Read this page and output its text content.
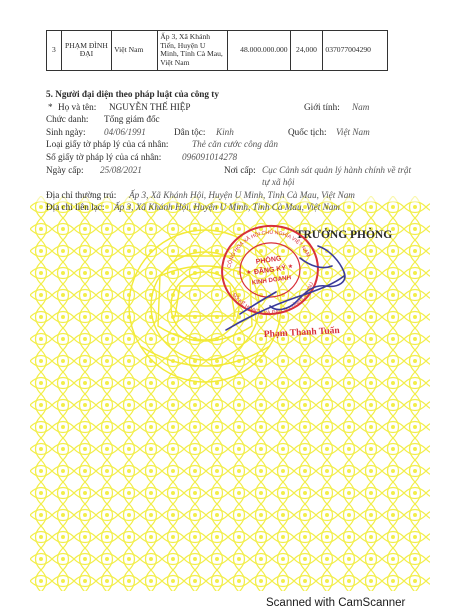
3	PHẠM ĐÌNH ĐẠI	Việt Nam	Ấp 3, Xã Khánh Tiến, Huyện U Minh, Tỉnh Cà Mau, Việt Nam	48.000.000.000	24,000	037077004290
5. Người đại diện theo pháp luật của công ty
* Họ và tên: NGUYỄN THẾ HIỆP	Giới tính: Nam
Chức danh: Tổng giám đốc
Sinh ngày: 04/06/1991	Dân tộc: Kinh	Quốc tịch: Việt Nam
Loại giấy tờ pháp lý của cá nhân:	Thẻ căn cước công dân
Số giấy tờ pháp lý của cá nhân: 096091014278
Ngày cấp: 25/08/2021	Nơi cấp: Cục Cảnh sát quản lý hành chính về trật
tự xã hội
Địa chỉ thường trú: Ấp 3, Xã Khánh Hội, Huyện U Minh, Tỉnh Cà Mau, Việt Nam
Địa chỉ liên lạc: Ấp 3, Xã Khánh Hội, Huyện U Minh, Tỉnh Cà Mau, Việt Nam
TRƯỞNG PHÒNG
CỘNG HÒA XÃ HỘI CHỦ NGHĨA VIỆT NAM
SỞ KẾ HOẠCH VÀ ĐẦU TƯ TỈNH CÀ MAU
PHÒNG
ĐĂNG KÝ
KINH DOANH
★
★
Phạm Thanh Tuấn
Scanned with CamScanner
